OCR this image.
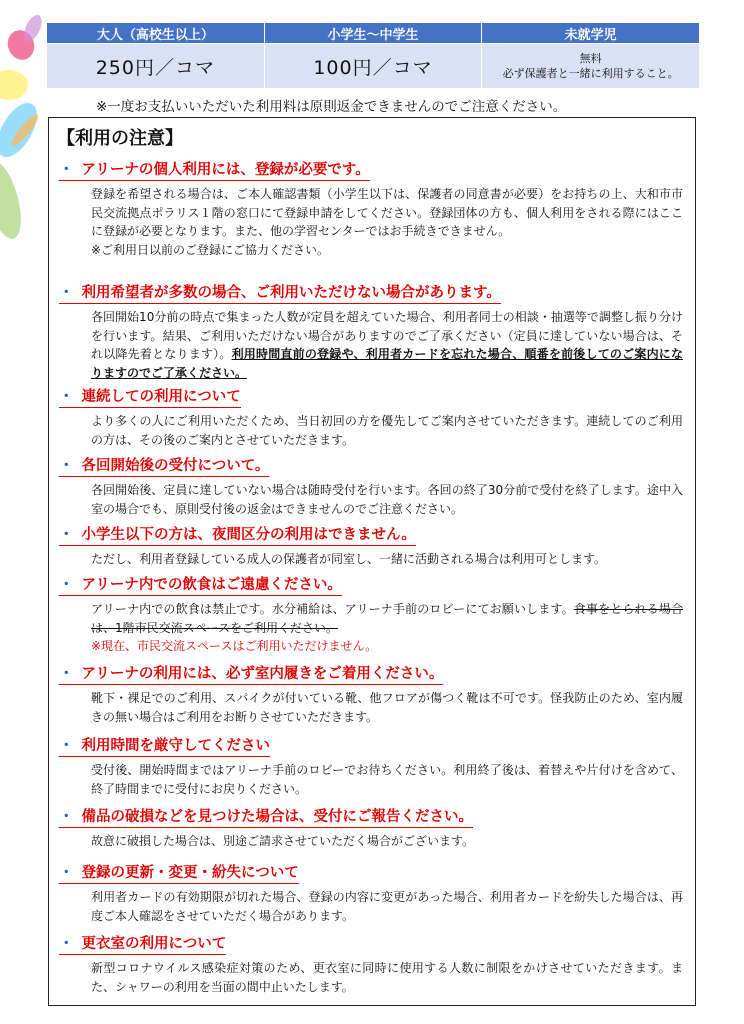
大人（高校生以上）	小学生～中学生	未就学児
250円／コマ	100円／コマ	無料
必ず保護者と一緒に利用すること。
※一度お支払いいただいた利用料は原則返金できませんのでご注意ください。
【利用の注意】
・ アリーナの個人利用には、登録が必要です。
登録を希望される場合は、ご本人確認書類（小学生以下は、保護者の同意書が必要）をお持ちの上、大和市市民交流拠点ポラリス１階の窓口にて登録申請をしてください。登録団体の方も、個人利用をされる際にはここに登録が必要となります。また、他の学習センターではお手続きできません。
※ご利用日以前のご登録にご協力ください。
・ 利用希望者が多数の場合、ご利用いただけない場合があります。
各回開始10分前の時点で集まった人数が定員を超えていた場合、利用者同士の相談・抽選等で調整し振り分けを行います。結果、ご利用いただけない場合がありますのでご了承ください（定員に達していない場合は、それ以降先着となります）。利用時間直前の登録や、利用者カードを忘れた場合、順番を前後してのご案内になりますのでご了承ください。
・ 連続しての利用について
より多くの人にご利用いただくため、当日初回の方を優先してご案内させていただきます。連続してのご利用の方は、その後のご案内とさせていただきます。
・ 各回開始後の受付について。
各回開始後、定員に達していない場合は随時受付を行います。各回の終了30分前で受付を終了します。途中入室の場合でも、原則受付後の返金はできませんのでご注意ください。
・ 小学生以下の方は、夜間区分の利用はできません。
ただし、利用者登録している成人の保護者が同室し、一緒に活動される場合は利用可とします。
・ アリーナ内での飲食はご遠慮ください。
アリーナ内での飲食は禁止です。水分補給は、アリーナ手前のロビーにてお願いします。食事をとられる場合は、1階市民交流スペースをご利用ください。
※現在、市民交流スペースはご利用いただけません。
・ アリーナの利用には、必ず室内履きをご着用ください。
靴下・裸足でのご利用、スパイクが付いている靴、他フロアが傷つく靴は不可です。怪我防止のため、室内履きの無い場合はご利用をお断りさせていただきます。
・ 利用時間を厳守してください
受付後、開始時間まではアリーナ手前のロビーでお待ちください。利用終了後は、着替えや片付けを含めて、終了時間までに受付にお戻りください。
・ 備品の破損などを見つけた場合は、受付にご報告ください。
故意に破損した場合は、別途ご請求させていただく場合がございます。
・ 登録の更新・変更・紛失について
利用者カードの有効期限が切れた場合、登録の内容に変更があった場合、利用者カードを紛失した場合は、再度ご本人確認をさせていただく場合があります。
・ 更衣室の利用について
新型コロナウイルス感染症対策のため、更衣室に同時に使用する人数に制限をかけさせていただきます。また、シャワーの利用を当面の間中止いたします。
